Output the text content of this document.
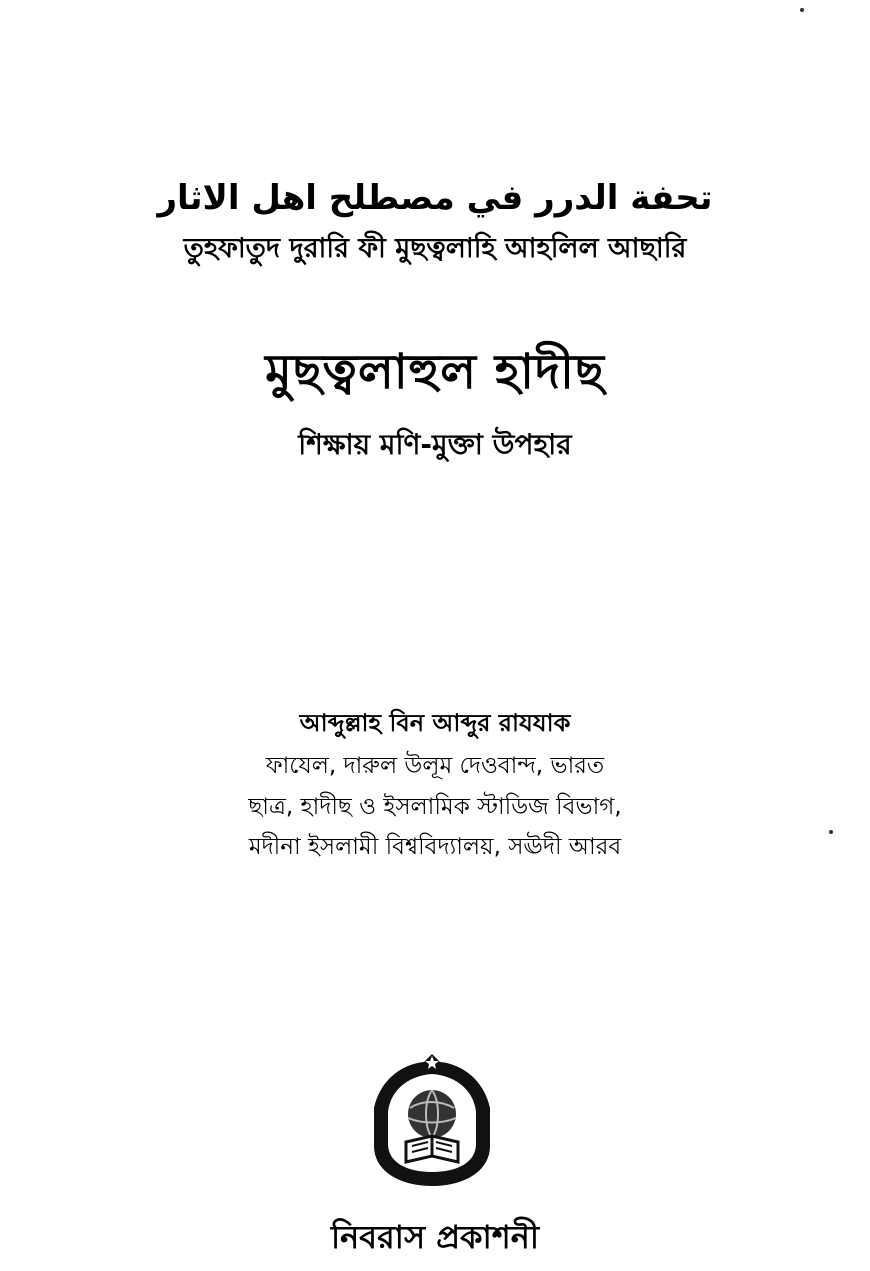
تحفة الدرر في مصطلح اهل الاثار
তুহফাতুদ দুরারি ফী মুছত্বলাহি আহলিল আছারি
মুছত্বলাহুল হাদীছ
শিক্ষায় মণি-মুক্তা উপহার
আব্দুল্লাহ বিন আব্দুর রাযযাক
ফাযেল, দারুল উলূম দেওবান্দ, ভারত
ছাত্র, হাদীছ ও ইসলামিক স্টাডিজ বিভাগ,
মদীনা ইসলামী বিশ্ববিদ্যালয়, সঊদী আরব
নিবরাস প্রকাশনী
